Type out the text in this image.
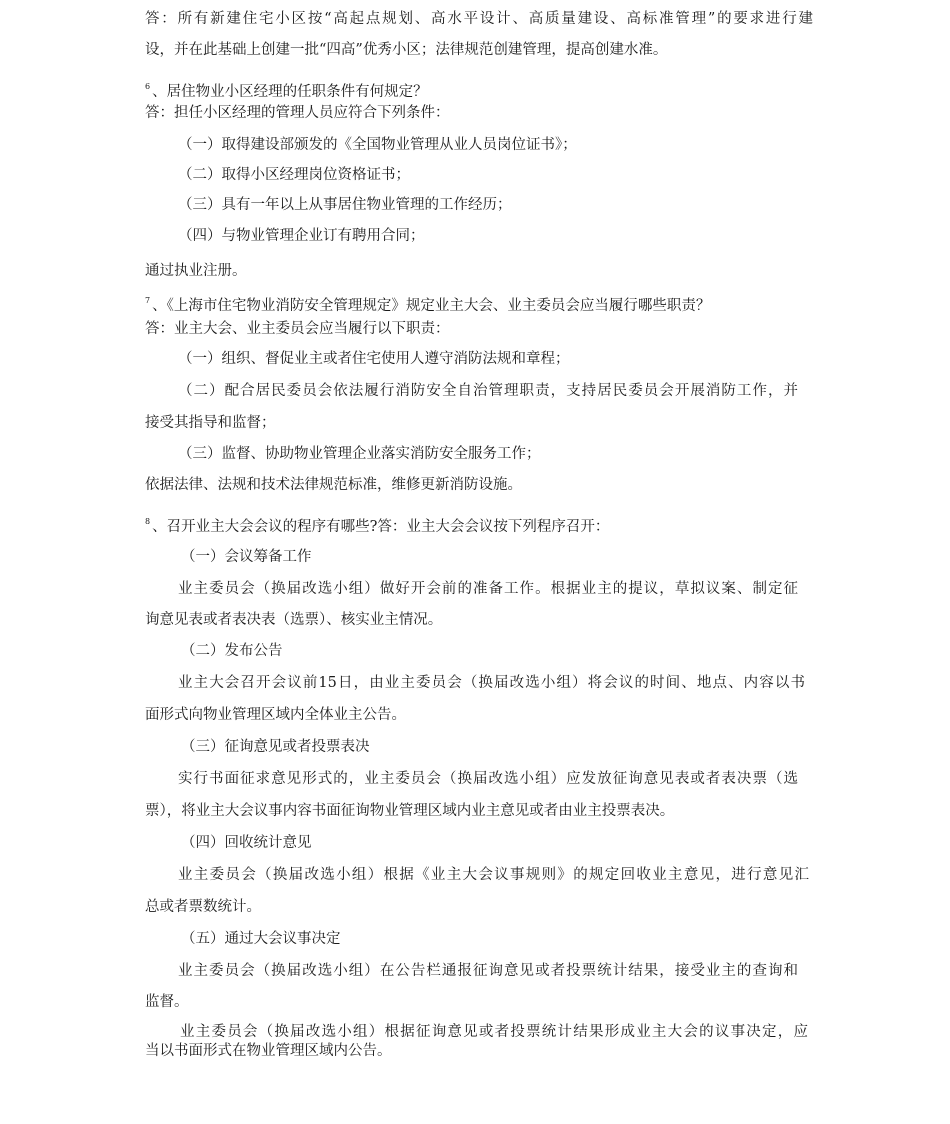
答：所有新建住宅小区按“高起点规划、高水平设计、高质量建设、高标准管理”的要求进行建
设，并在此基础上创建一批“四高”优秀小区；法律规范创建管理，提高创建水准。
$^6$ 、居住物业小区经理的任职条件有何规定？
答：担任小区经理的管理人员应符合下列条件：
（一）取得建设部颁发的《全国物业管理从业人员岗位证书》；
（二）取得小区经理岗位资格证书；
（三）具有一年以上从事居住物业管理的工作经历；
（四）与物业管理企业订有聘用合同；
通过执业注册。
$^7$ 、《上海市住宅物业消防安全管理规定》规定业主大会、业主委员会应当履行哪些职责？
答：业主大会、业主委员会应当履行以下职责：
（一）组织、督促业主或者住宅使用人遵守消防法规和章程；
（二）配合居民委员会依法履行消防安全自治管理职责，支持居民委员会开展消防工作，并
接受其指导和监督；
（三）监督、协助物业管理企业落实消防安全服务工作；
依据法律、法规和技术法律规范标准，维修更新消防设施。
$^8$ 、召开业主大会会议的程序有哪些?答：业主大会会议按下列程序召开：
（一）会议筹备工作
业主委员会（换届改选小组）做好开会前的准备工作。根据业主的提议，草拟议案、制定征
询意见表或者表决表（选票）、核实业主情况。
（二）发布公告
业主大会召开会议前15日，由业主委员会（换届改选小组）将会议的时间、地点、内容以书
面形式向物业管理区域内全体业主公告。
（三）征询意见或者投票表决
实行书面征求意见形式的，业主委员会（换届改选小组）应发放征询意见表或者表决票（选
票），将业主大会议事内容书面征询物业管理区域内业主意见或者由业主投票表决。
（四）回收统计意见
业主委员会（换届改选小组）根据《业主大会议事规则》的规定回收业主意见，进行意见汇
总或者票数统计。
（五）通过大会议事决定
业主委员会（换届改选小组）在公告栏通报征询意见或者投票统计结果，接受业主的查询和
监督。
业主委员会（换届改选小组）根据征询意见或者投票统计结果形成业主大会的议事决定，应
当以书面形式在物业管理区域内公告。
